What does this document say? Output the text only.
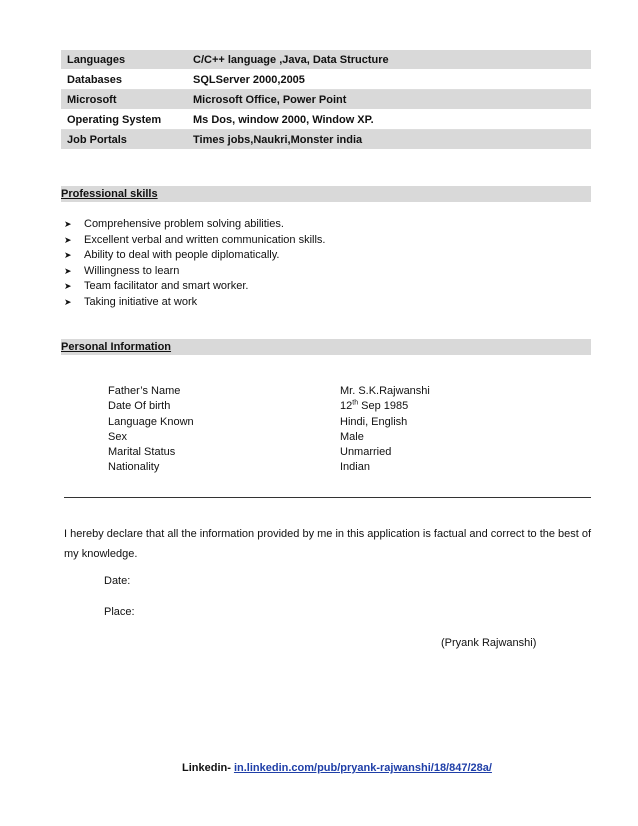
Languages	C/C++ language ,Java, Data Structure
Databases	SQLServer 2000,2005
Microsoft	Microsoft Office, Power Point
Operating System	Ms Dos, window 2000, Window XP.
Job Portals	Times jobs,Naukri,Monster india
Professional skills
➤	Comprehensive problem solving abilities.
➤	Excellent verbal and written communication skills.
➤	Ability to deal with people diplomatically.
➤	Willingness to learn
➤	Team facilitator and smart worker.
➤	Taking initiative at work
Personal Information
Father’s Name	Mr. S.K.Rajwanshi
Date Of birth	12th Sep 1985
Language Known	Hindi, English
Sex	Male
Marital Status	Unmarried
Nationality	Indian
I hereby declare that all the information provided by me in this application is factual and correct to the best of my knowledge.
Date:
Place:
(Pryank Rajwanshi)
Linkedin- in.linkedin.com/pub/pryank-rajwanshi/18/847/28a/
